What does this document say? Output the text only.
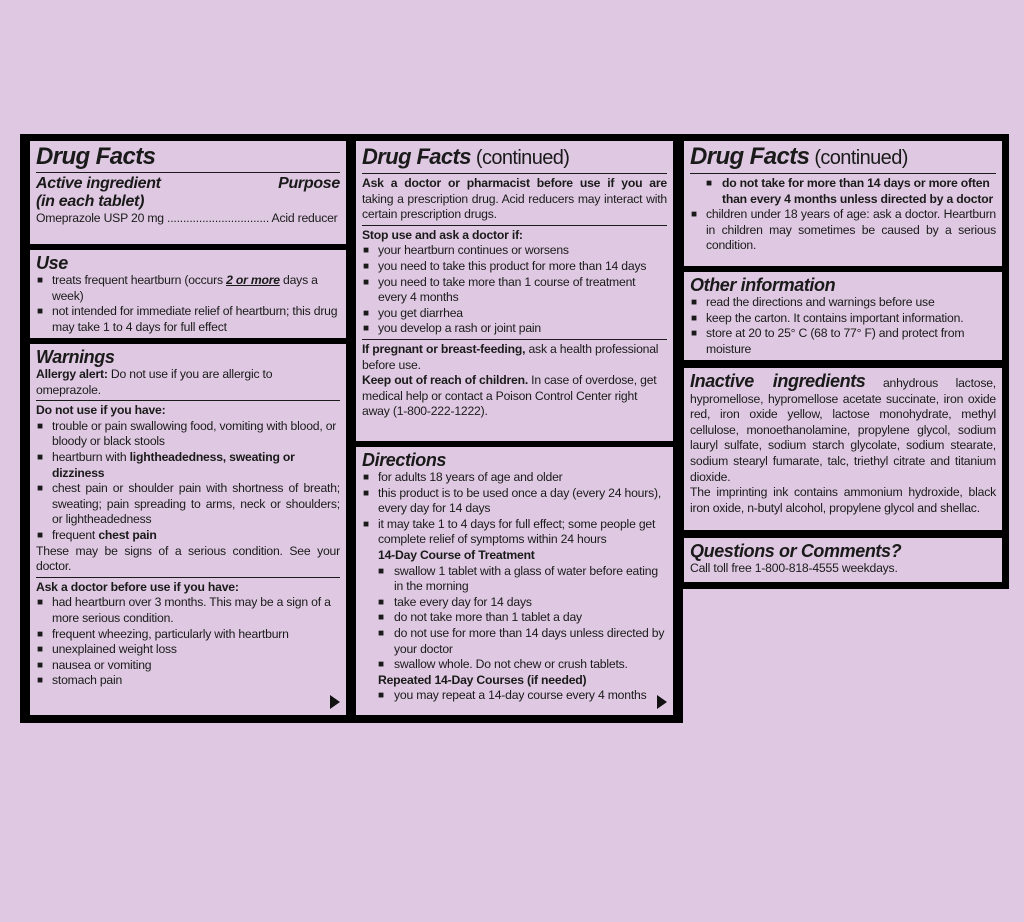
Drug Facts
Active ingredient	Purpose
(in each tablet)
Omeprazole USP 20 mg ................................ Acid reducer
Use
■ treats frequent heartburn (occurs 2 or more days a week)
■ not intended for immediate relief of heartburn; this drug may take 1 to 4 days for full effect
Warnings
Allergy alert: Do not use if you are allergic to omeprazole.
Do not use if you have:
■ trouble or pain swallowing food, vomiting with blood, or bloody or black stools
■ heartburn with lightheadedness, sweating or dizziness
■ chest pain or shoulder pain with shortness of breath; sweating; pain spreading to arms, neck or shoulders; or lightheadedness
■ frequent chest pain
These may be signs of a serious condition. See your doctor.
Ask a doctor before use if you have:
■ had heartburn over 3 months. This may be a sign of a more serious condition.
■ frequent wheezing, particularly with heartburn
■ unexplained weight loss
■ nausea or vomiting
■ stomach pain
Drug Facts (continued)
Ask a doctor or pharmacist before use if you are taking a prescription drug. Acid reducers may interact with certain prescription drugs.
Stop use and ask a doctor if:
■ your heartburn continues or worsens
■ you need to take this product for more than 14 days
■ you need to take more than 1 course of treatment every 4 months
■ you get diarrhea
■ you develop a rash or joint pain
If pregnant or breast-feeding, ask a health professional before use.
Keep out of reach of children. In case of overdose, get medical help or contact a Poison Control Center right away (1-800-222-1222).
Directions
■ for adults 18 years of age and older
■ this product is to be used once a day (every 24 hours), every day for 14 days
■ it may take 1 to 4 days for full effect; some people get complete relief of symptoms within 24 hours
14-Day Course of Treatment
■ swallow 1 tablet with a glass of water before eating in the morning
■ take every day for 14 days
■ do not take more than 1 tablet a day
■ do not use for more than 14 days unless directed by your doctor
■ swallow whole. Do not chew or crush tablets.
Repeated 14-Day Courses (if needed)
■ you may repeat a 14-day course every 4 months
Drug Facts (continued)
■ do not take for more than 14 days or more often than every 4 months unless directed by a doctor
■ children under 18 years of age: ask a doctor. Heartburn in children may sometimes be caused by a serious condition.
Other information
■ read the directions and warnings before use
■ keep the carton. It contains important information.
■ store at 20 to 25° C (68 to 77° F) and protect from moisture
Inactive ingredients anhydrous lactose, hypromellose, hypromellose acetate succinate, iron oxide red, iron oxide yellow, lactose monohydrate, methyl cellulose, monoethanolamine, propylene glycol, sodium lauryl sulfate, sodium starch glycolate, sodium stearate, sodium stearyl fumarate, talc, triethyl citrate and titanium dioxide.
The imprinting ink contains ammonium hydroxide, black iron oxide, n-butyl alcohol, propylene glycol and shellac.
Questions or Comments?
Call toll free 1-800-818-4555 weekdays.
